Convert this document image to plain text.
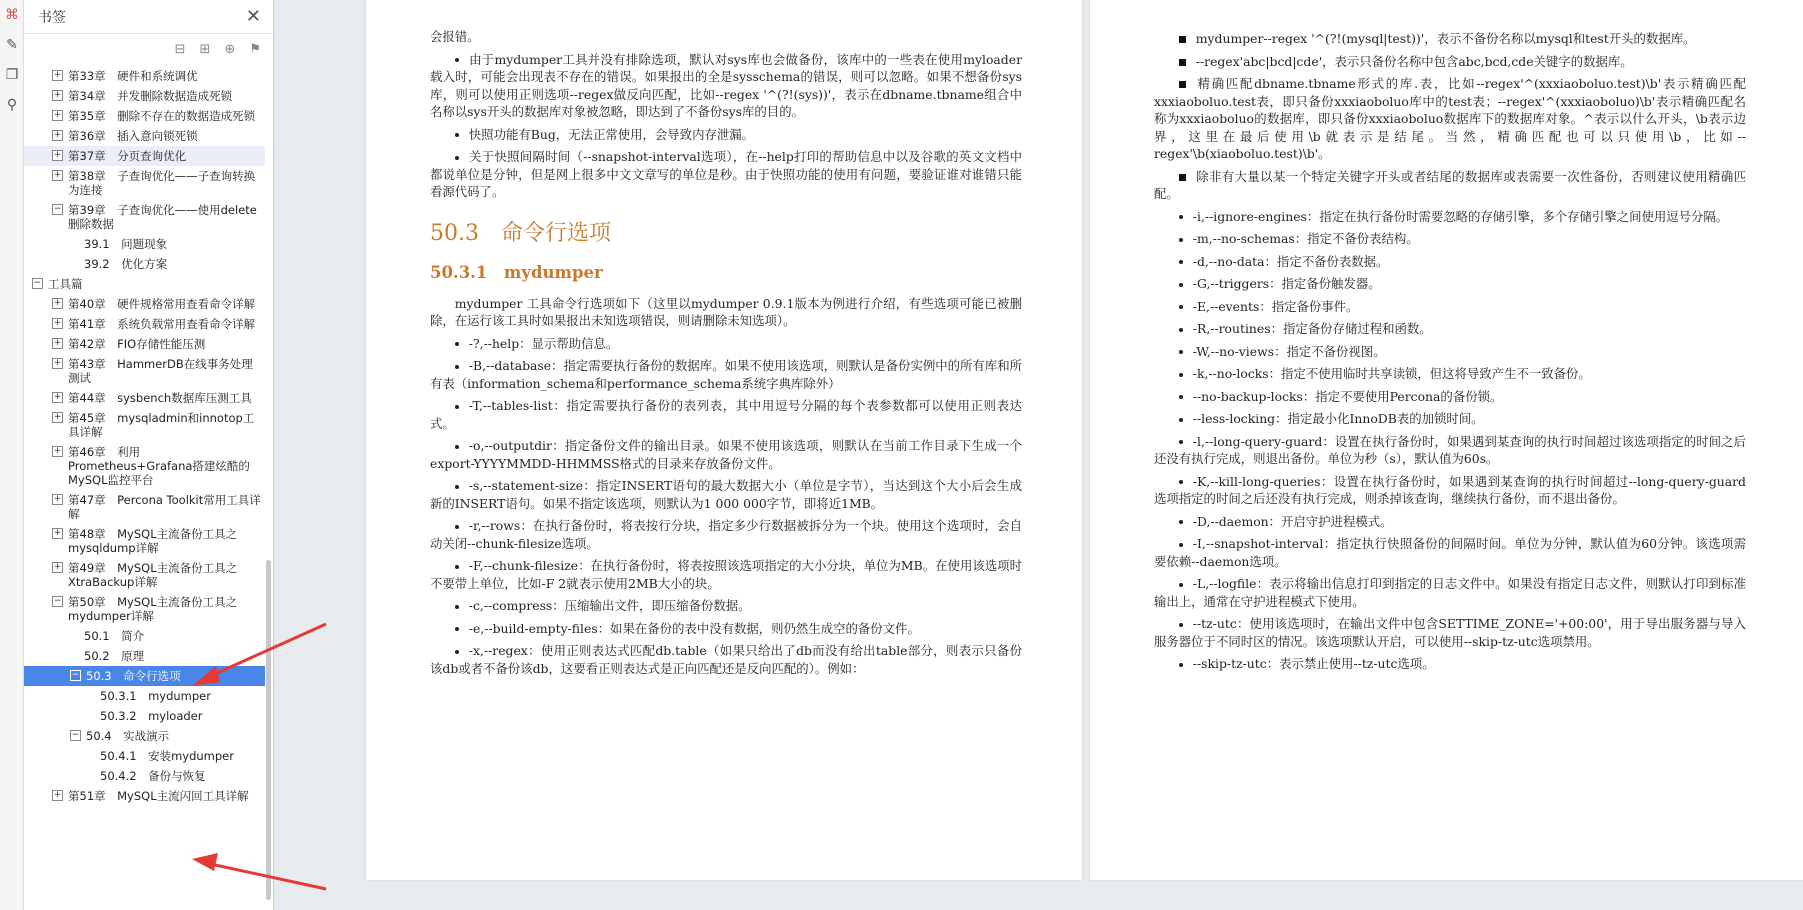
⌘
✎
❐
⚲
书签	✕
⊟ ⊞ ⊕ ⚑
+ 第33章　硬件和系统调优
+ 第34章　并发删除数据造成死锁
+ 第35章　删除不存在的数据造成死锁
+ 第36章　插入意向锁死锁
+ 第37章　分页查询优化
+ 第38章　子查询优化——子查询转换为连接
− 第39章　子查询优化——使用delete删除数据
39.1　问题现象
39.2　优化方案
− 工具篇
+ 第40章　硬件规格常用查看命令详解
+ 第41章　系统负载常用查看命令详解
+ 第42章　FIO存储性能压测
+ 第43章　HammerDB在线事务处理测试
+ 第44章　sysbench数据库压测工具
+ 第45章　mysqladmin和innotop工具详解
+ 第46章　利用Prometheus+Grafana搭建炫酷的MySQL监控平台
+ 第47章　Percona Toolkit常用工具详解
+ 第48章　MySQL主流备份工具之mysqldump详解
+ 第49章　MySQL主流备份工具之XtraBackup详解
− 第50章　MySQL主流备份工具之mydumper详解
50.1　简介
50.2　原理
− 50.3　命令行选项
50.3.1　mydumper
50.3.2　myloader
− 50.4　实战演示
50.4.1　安装mydumper
50.4.2　备份与恢复
+ 第51章　MySQL主流闪回工具详解

会报错。

由于mydumper工具并没有排除选项，默认对sys库也会做备份，该库中的一些表在使用myloader载入时，可能会出现表不存在的错误。如果报出的全是sysschema的错误，则可以忽略。如果不想备份sys库，则可以使用正则选项--regex做反向匹配，比如--regex '^(?!(sys))'，表示在dbname.tbname组合中名称以sys开头的数据库对象被忽略，即达到了不备份sys库的目的。

快照功能有Bug，无法正常使用，会导致内存泄漏。

关于快照间隔时间（--snapshot-interval选项），在--help打印的帮助信息中以及谷歌的英文文档中都说单位是分钟，但是网上很多中文文章写的单位是秒。由于快照功能的使用有问题，要验证谁对谁错只能看源代码了。

50.3　命令行选项
50.3.1　mydumper

mydumper 工具命令行选项如下（这里以mydumper 0.9.1版本为例进行介绍，有些选项可能已被删除，在运行该工具时如果报出未知选项错误，则请删除未知选项）。

-?,--help：显示帮助信息。

-B,--database：指定需要执行备份的数据库。如果不使用该选项，则默认是备份实例中的所有库和所有表（information_schema和performance_schema系统字典库除外）

-T,--tables-list：指定需要执行备份的表列表，其中用逗号分隔的每个表参数都可以使用正则表达式。

-o,--outputdir：指定备份文件的输出目录。如果不使用该选项，则默认在当前工作目录下生成一个export-YYYYMMDD-HHMMSS格式的目录来存放备份文件。

-s,--statement-size：指定INSERT语句的最大数据大小（单位是字节），当达到这个大小后会生成新的INSERT语句。如果不指定该选项，则默认为1 000 000字节，即将近1MB。

-r,--rows：在执行备份时，将表按行分块，指定多少行数据被拆分为一个块。使用这个选项时，会自动关闭--chunk-filesize选项。

-F,--chunk-filesize：在执行备份时，将表按照该选项指定的大小分块，单位为MB。在使用该选项时不要带上单位，比如-F 2就表示使用2MB大小的块。

-c,--compress：压缩输出文件，即压缩备份数据。

-e,--build-empty-files：如果在备份的表中没有数据，则仍然生成空的备份文件。

-x,--regex：使用正则表达式匹配db.table（如果只给出了db而没有给出table部分，则表示只备份该db或者不备份该db，这要看正则表达式是正向匹配还是反向匹配的）。例如：

mydumper--regex '^(?!(mysql|test))'，表示不备份名称以mysql和test开头的数据库。

--regex'abc|bcd|cde'，表示只备份名称中包含abc,bcd,cde关键字的数据库。

精确匹配dbname.tbname形式的库.表，比如--regex'^(xxxiaoboluo.test)\b'表示精确匹配xxxiaoboluo.test表，即只备份xxxiaoboluo库中的test表；--regex'^(xxxiaoboluo)\b'表示精确匹配名称为xxxiaoboluo的数据库，即只备份xxxiaoboluo数据库下的数据库对象。^表示以什么开头，\b表示边界，这里在最后使用\b就表示是结尾。当然，精确匹配也可以只使用\b，比如--regex'\b(xiaoboluo.test)\b'。

除非有大量以某一个特定关键字开头或者结尾的数据库或表需要一次性备份，否则建议使用精确匹配。

-i,--ignore-engines：指定在执行备份时需要忽略的存储引擎，多个存储引擎之间使用逗号分隔。

-m,--no-schemas：指定不备份表结构。

-d,--no-data：指定不备份表数据。

-G,--triggers：指定备份触发器。

-E,--events：指定备份事件。

-R,--routines：指定备份存储过程和函数。

-W,--no-views：指定不备份视图。

-k,--no-locks：指定不使用临时共享读锁，但这将导致产生不一致备份。

--no-backup-locks：指定不要使用Percona的备份锁。

--less-locking：指定最小化InnoDB表的加锁时间。

-l,--long-query-guard：设置在执行备份时，如果遇到某查询的执行时间超过该选项指定的时间之后还没有执行完成，则退出备份。单位为秒（s），默认值为60s。

-K,--kill-long-queries：设置在执行备份时，如果遇到某查询的执行时间超过--long-query-guard选项指定的时间之后还没有执行完成，则杀掉该查询，继续执行备份，而不退出备份。

-D,--daemon：开启守护进程模式。

-I,--snapshot-interval：指定执行快照备份的间隔时间。单位为分钟，默认值为60分钟。该选项需要依赖--daemon选项。

-L,--logfile：表示将输出信息打印到指定的日志文件中。如果没有指定日志文件，则默认打印到标准输出上，通常在守护进程模式下使用。

--tz-utc：使用该选项时，在输出文件中包含SETTIME_ZONE='+00:00'，用于导出服务器与导入服务器位于不同时区的情况。该选项默认开启，可以使用--skip-tz-utc选项禁用。

--skip-tz-utc：表示禁止使用--tz-utc选项。
